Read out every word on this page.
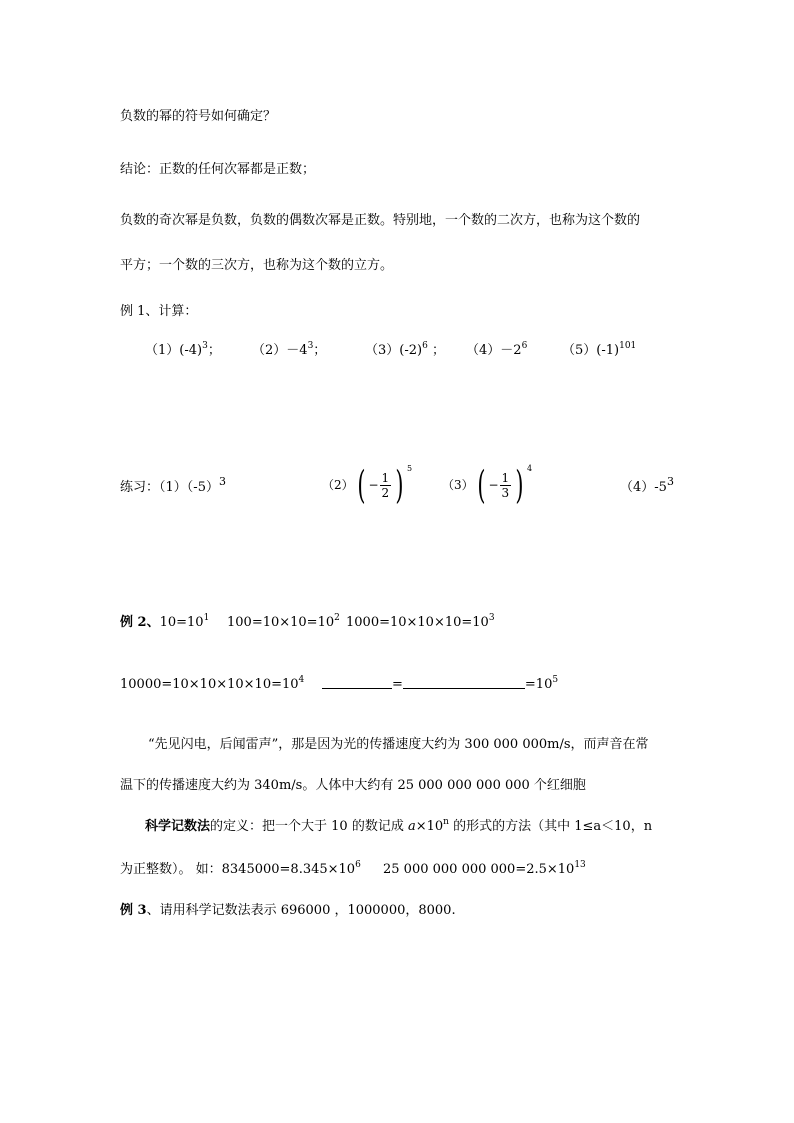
负数的幂的符号如何确定？
结论：正数的任何次幂都是正数；
负数的奇次幂是负数，负数的偶数次幂是正数。特别地，一个数的二次方，也称为这个数的
平方；一个数的三次方，也称为这个数的立方。
例 1、计算：
$(1)(-4)^3$； $(2)-4^3$；	$(3)(-2)^6$ ； $(4)-2^6$	$(5)(-1)^{101}$
练习：$(1)(-5)^3$	（2） ( − $\frac{1}{2}$ ) $^5$
（3） ( − $\frac{1}{3}$ ) $^4$
$(4)-5^3$
例 2、$10=10^1$ $100=10\times 10=10^2$ $1000=10\times 10\times 10=10^3$
$10000=10\times 10\times 10\times 10=10^4$	=	$=10^5$
“先见闪电，后闻雷声”，那是因为光的传播速度大约为 300 000 000m/s，而声音在常
温下的传播速度大约为 340m/s。人体中大约有 25 000 000 000 000 个红细胞
科学记数法的定义：把一个大于 10 的数记成 $a\times 10^n$ 的形式的方法（其中 1≤a＜10，n
为正整数）。 如：$8345000=8.345\times 10^6$ 25 000 000 000 $000=2.5\times 10^{13}$
例 3、请用科学记数法表示 696000 ，1000000，8000.
